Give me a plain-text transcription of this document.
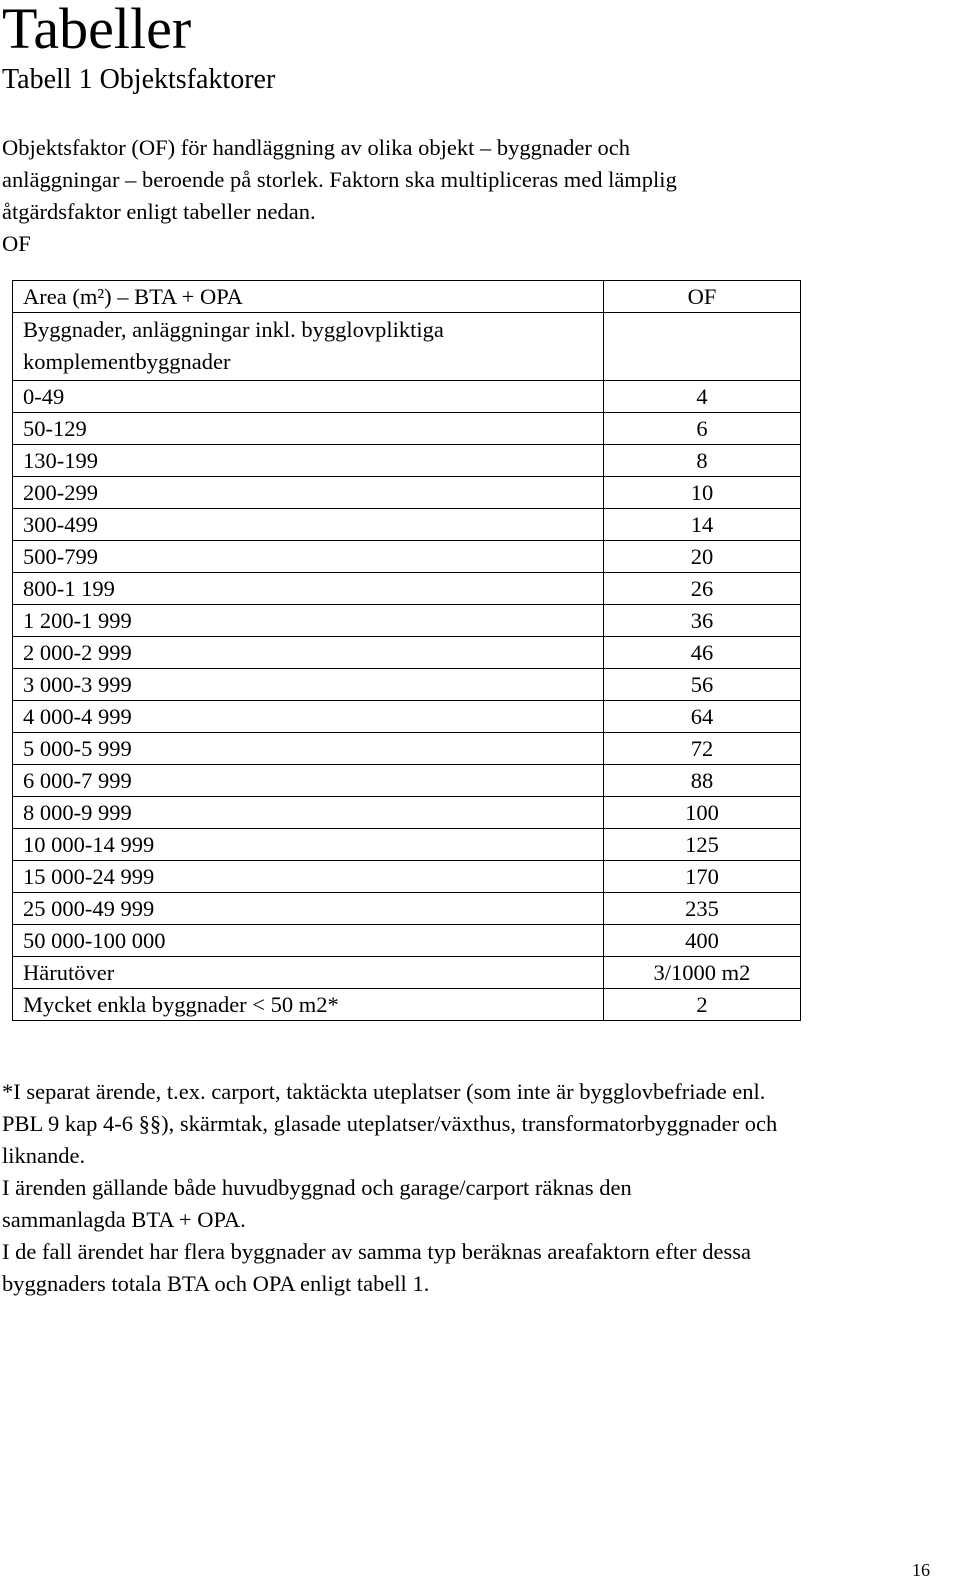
Tabeller
Tabell 1 Objektsfaktorer
Objektsfaktor (OF) för handläggning av olika objekt – byggnader och
anläggningar – beroende på storlek. Faktorn ska multipliceras med lämplig
åtgärdsfaktor enligt tabeller nedan.
OF
Area (m²) – BTA + OPA	OF

Byggnader, anläggningar inkl. bygglovpliktiga
komplementbyggnader	

0-49	4
50-129	6
130-199	8
200-299	10
300-499	14
500-799	20
800-1 199	26
1 200-1 999	36
2 000-2 999	46
3 000-3 999	56
4 000-4 999	64
5 000-5 999	72
6 000-7 999	88
8 000-9 999	100
10 000-14 999	125
15 000-24 999	170
25 000-49 999	235
50 000-100 000	400
Härutöver	3/1000 m2
Mycket enkla byggnader < 50 m2*	2
*I separat ärende, t.ex. carport, taktäckta uteplatser (som inte är bygglovbefriade enl.
PBL 9 kap 4-6 §§), skärmtak, glasade uteplatser/växthus, transformatorbyggnader och
liknande.
I ärenden gällande både huvudbyggnad och garage/carport räknas den
sammanlagda BTA + OPA.
I de fall ärendet har flera byggnader av samma typ beräknas areafaktorn efter dessa
byggnaders totala BTA och OPA enligt tabell 1.
16
